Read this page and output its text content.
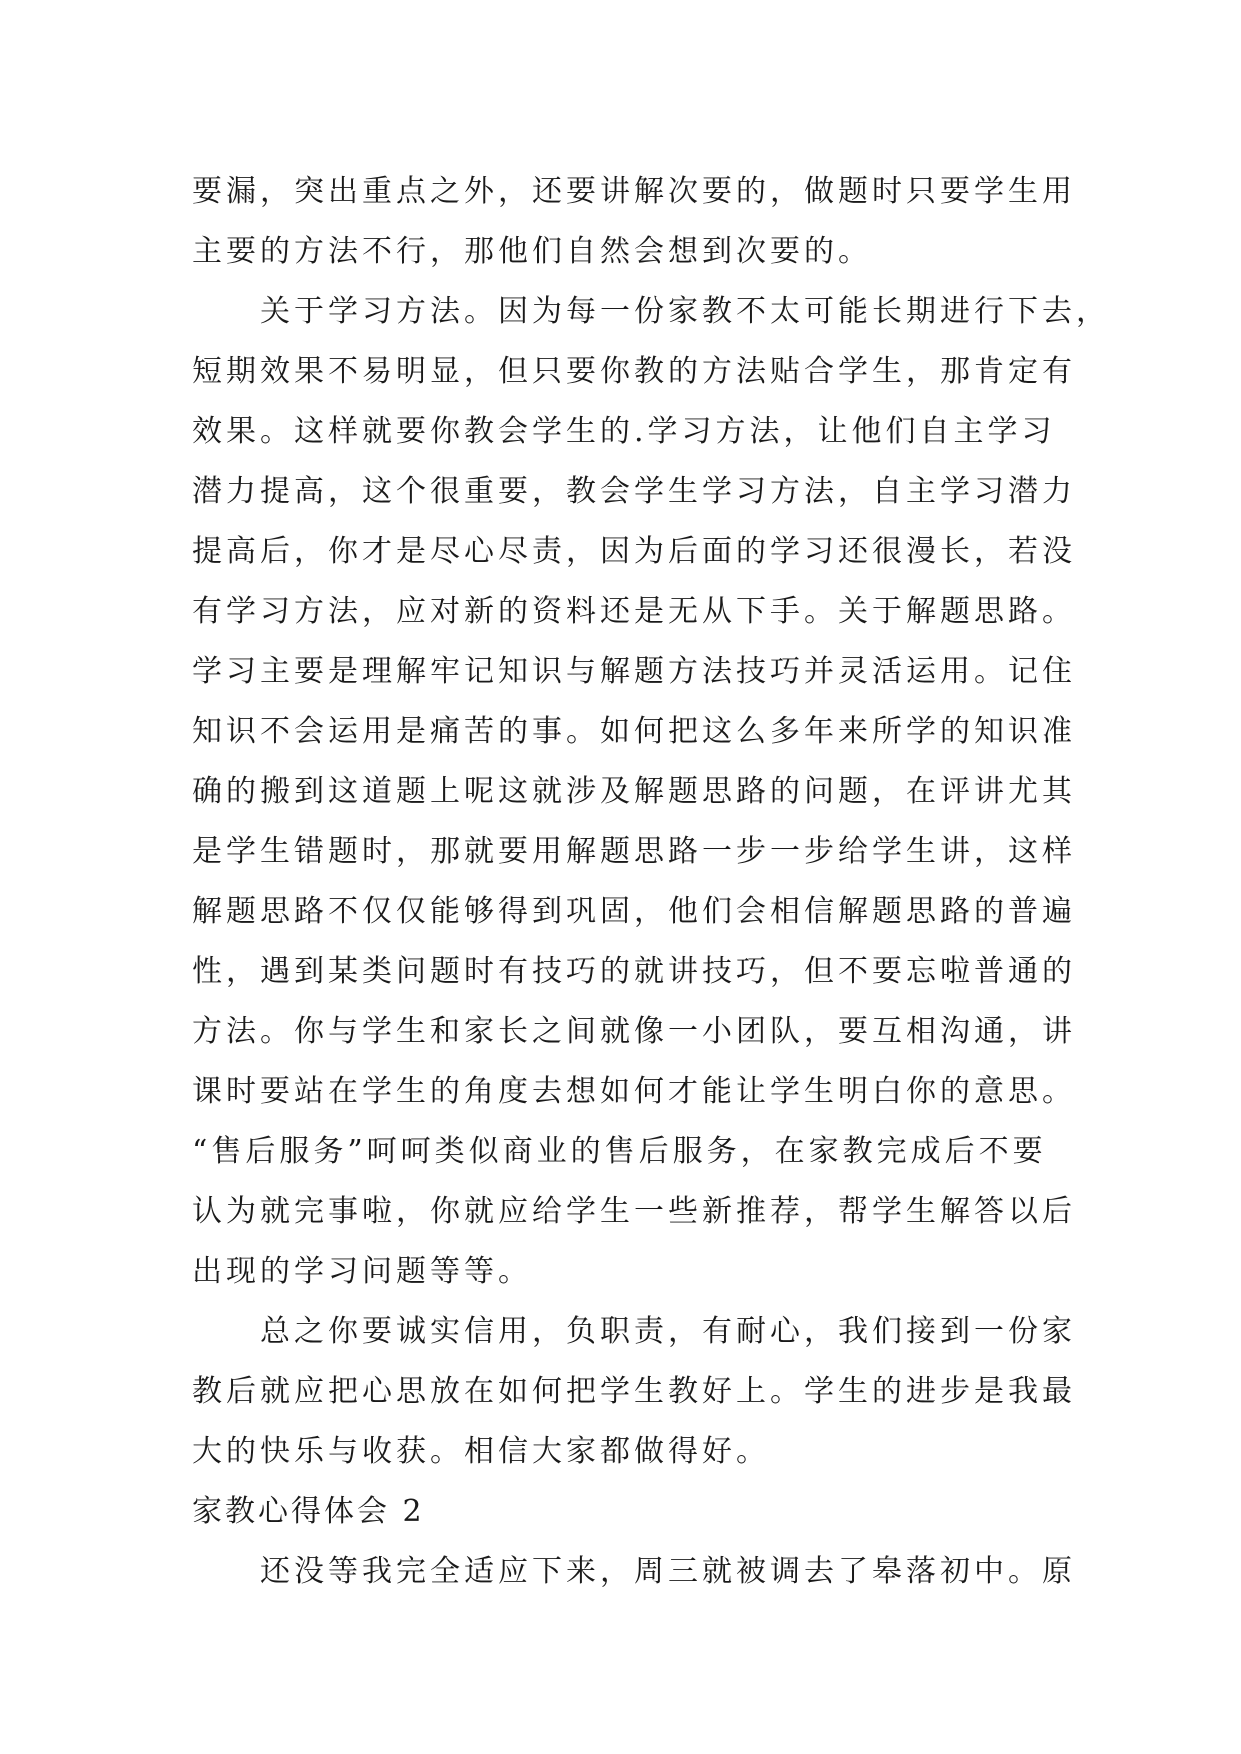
要漏，突出重点之外，还要讲解次要的，做题时只要学生用
主要的方法不行，那他们自然会想到次要的。
关于学习方法。因为每一份家教不太可能长期进行下去，
短期效果不易明显，但只要你教的方法贴合学生，那肯定有
效果。这样就要你教会学生的.学习方法，让他们自主学习
潜力提高，这个很重要，教会学生学习方法，自主学习潜力
提高后，你才是尽心尽责，因为后面的学习还很漫长，若没
有学习方法，应对新的资料还是无从下手。关于解题思路。
学习主要是理解牢记知识与解题方法技巧并灵活运用。记住
知识不会运用是痛苦的事。如何把这么多年来所学的知识准
确的搬到这道题上呢这就涉及解题思路的问题，在评讲尤其
是学生错题时，那就要用解题思路一步一步给学生讲，这样
解题思路不仅仅能够得到巩固，他们会相信解题思路的普遍
性，遇到某类问题时有技巧的就讲技巧，但不要忘啦普通的
方法。你与学生和家长之间就像一小团队，要互相沟通，讲
课时要站在学生的角度去想如何才能让学生明白你的意思。
“售后服务”呵呵类似商业的售后服务，在家教完成后不要
认为就完事啦，你就应给学生一些新推荐，帮学生解答以后
出现的学习问题等等。
总之你要诚实信用，负职责，有耐心，我们接到一份家
教后就应把心思放在如何把学生教好上。学生的进步是我最
大的快乐与收获。相信大家都做得好。
家教心得体会 2
还没等我完全适应下来，周三就被调去了皋落初中。原
